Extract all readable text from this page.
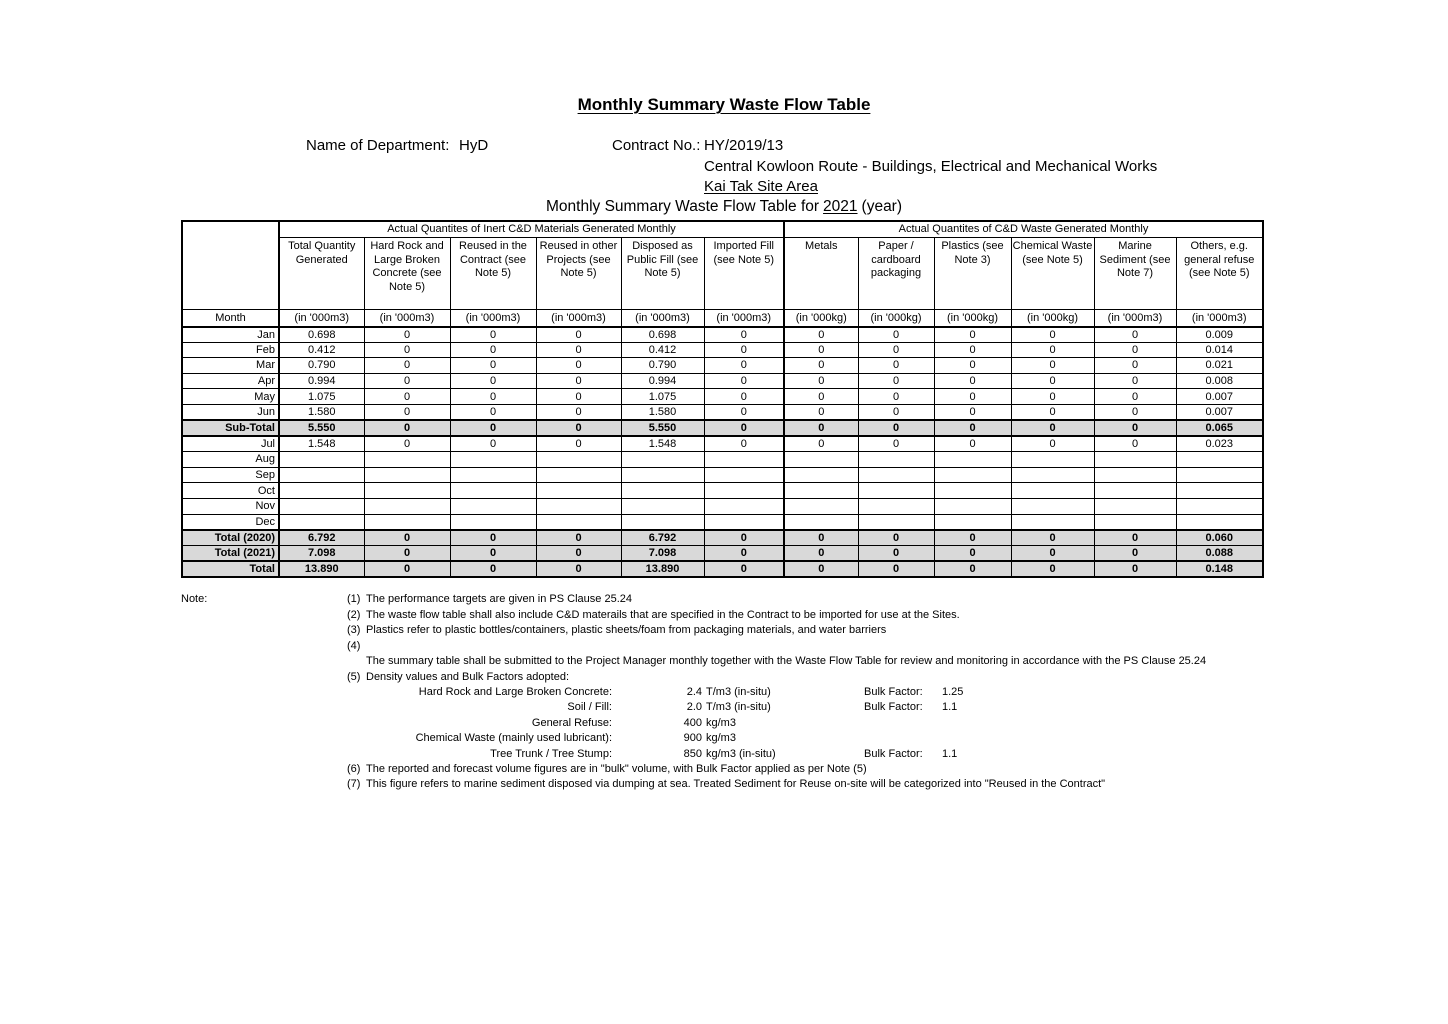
Monthly Summary Waste Flow Table
Name of Department: HyD	Contract No.: HY/2019/13
Central Kowloon Route - Buildings, Electrical and Mechanical Works
Kai Tak Site Area
Monthly Summary Waste Flow Table for 2021 (year)
	Actual Quantites of Inert C&D Materials Generated Monthly						Actual Quantites of C&D Waste Generated Monthly					
	Total Quantity Generated	Hard Rock and Large Broken Concrete (see Note 5)	Reused in the Contract (see Note 5)	Reused in other Projects (see Note 5)	Disposed as Public Fill (see Note 5)	Imported Fill (see Note 5)	Metals	Paper / cardboard packaging	Plastics (see Note 3)	Chemical Waste (see Note 5)	Marine Sediment (see Note 7)	Others, e.g. general refuse (see Note 5)
Month	(in '000m3)	(in '000m3)	(in '000m3)	(in '000m3)	(in '000m3)	(in '000m3)	(in '000kg)	(in '000kg)	(in '000kg)	(in '000kg)	(in '000m3)	(in '000m3)
Jan	0.698	0	0	0	0.698	0	0	0	0	0	0	0.009
Feb	0.412	0	0	0	0.412	0	0	0	0	0	0	0.014
Mar	0.790	0	0	0	0.790	0	0	0	0	0	0	0.021
Apr	0.994	0	0	0	0.994	0	0	0	0	0	0	0.008
May	1.075	0	0	0	1.075	0	0	0	0	0	0	0.007
Jun	1.580	0	0	0	1.580	0	0	0	0	0	0	0.007
Sub-Total	5.550	0	0	0	5.550	0	0	0	0	0	0	0.065
Jul	1.548	0	0	0	1.548	0	0	0	0	0	0	0.023
Aug												
Sep												
Oct												
Nov												
Dec												
Total (2020)	6.792	0	0	0	6.792	0	0	0	0	0	0	0.060
Total (2021)	7.098	0	0	0	7.098	0	0	0	0	0	0	0.088
Total	13.890	0	0	0	13.890	0	0	0	0	0	0	0.148
Note:	(1) The performance targets are given in PS Clause 25.24
(2) The waste flow table shall also include C&D materails that are specified in the Contract to be imported for use at the Sites.
(3) Plastics refer to plastic bottles/containers, plastic sheets/foam from packaging materials, and water barriers
(4)
The summary table shall be submitted to the Project Manager monthly together with the Waste Flow Table for review and monitoring in accordance with the PS Clause 25.24
(5) Density values and Bulk Factors adopted:
Hard Rock and Large Broken Concrete:	2.4 T/m3 (in-situ)	Bulk Factor:	1.25
Soil / Fill:	2.0 T/m3 (in-situ)	Bulk Factor:	1.1
General Refuse:	400 kg/m3
Chemical Waste (mainly used lubricant):	900 kg/m3
Tree Trunk / Tree Stump:	850 kg/m3 (in-situ)	Bulk Factor:	1.1
(6) The reported and forecast volume figures are in "bulk" volume, with Bulk Factor applied as per Note (5)
(7) This figure refers to marine sediment disposed via dumping at sea. Treated Sediment for Reuse on-site will be categorized into "Reused in the Contract"
